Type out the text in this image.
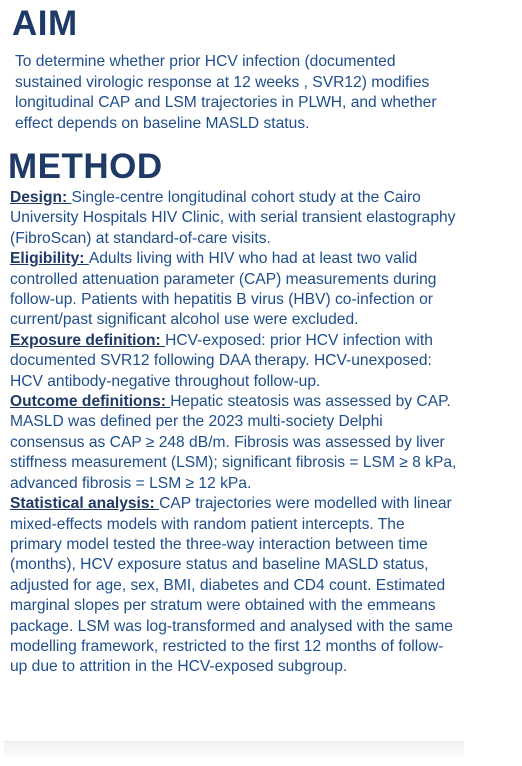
AIM

To determine whether prior HCV infection (documented sustained virologic response at 12 weeks , SVR12) modifies longitudinal CAP and LSM trajectories in PLWH, and whether effect depends on baseline MASLD status.

METHOD

Design: Single-centre longitudinal cohort study at the Cairo University Hospitals HIV Clinic, with serial transient elastography (FibroScan) at standard-of-care visits.

Eligibility: Adults living with HIV who had at least two valid controlled attenuation parameter (CAP) measurements during follow-up. Patients with hepatitis B virus (HBV) co-infection or current/past significant alcohol use were excluded.

Exposure definition: HCV-exposed: prior HCV infection with documented SVR12 following DAA therapy. HCV-unexposed: HCV antibody-negative throughout follow-up.

Outcome definitions: Hepatic steatosis was assessed by CAP. MASLD was defined per the 2023 multi-society Delphi consensus as CAP ≥ 248 dB/m. Fibrosis was assessed by liver stiffness measurement (LSM); significant fibrosis = LSM ≥ 8 kPa, advanced fibrosis = LSM ≥ 12 kPa.

Statistical analysis: CAP trajectories were modelled with linear mixed-effects models with random patient intercepts. The primary model tested the three-way interaction between time (months), HCV exposure status and baseline MASLD status, adjusted for age, sex, BMI, diabetes and CD4 count. Estimated marginal slopes per stratum were obtained with the emmeans package. LSM was log-transformed and analysed with the same modelling framework, restricted to the first 12 months of follow-up due to attrition in the HCV-exposed subgroup.
